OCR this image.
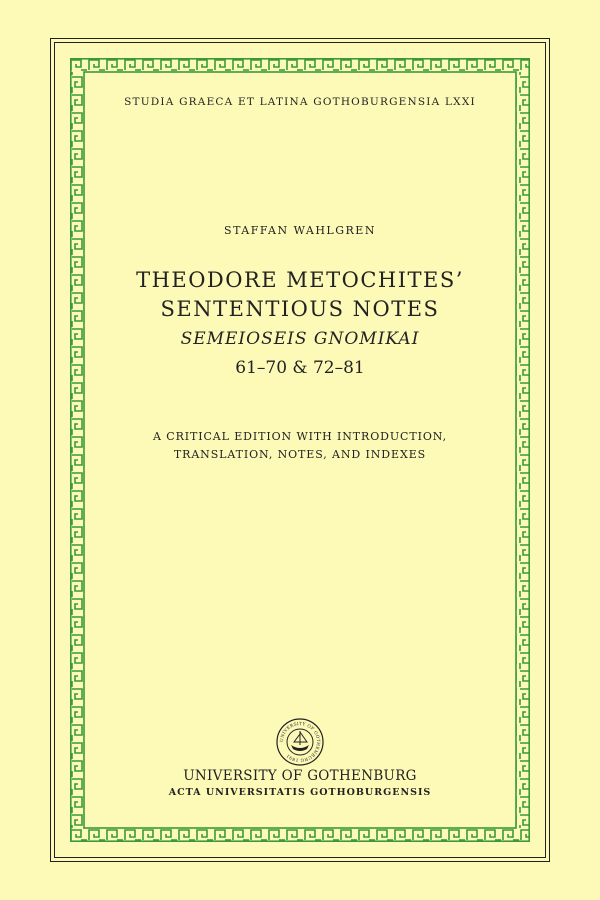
STUDIA GRAECA ET LATINA GOTHOBURGENSIA LXXI
STAFFAN WAHLGREN
THEODORE METOCHITES’
SENTENTIOUS NOTES
SEMEIOSEIS GNOMIKAI
61–70 & 72–81
A CRITICAL EDITION WITH INTRODUCTION,
TRANSLATION, NOTES, AND INDEXES
UNIVERSITY OF GOTHENBURG 1891
UNIVERSITY OF GOTHENBURG
ACTA UNIVERSITATIS GOTHOBURGENSIS
